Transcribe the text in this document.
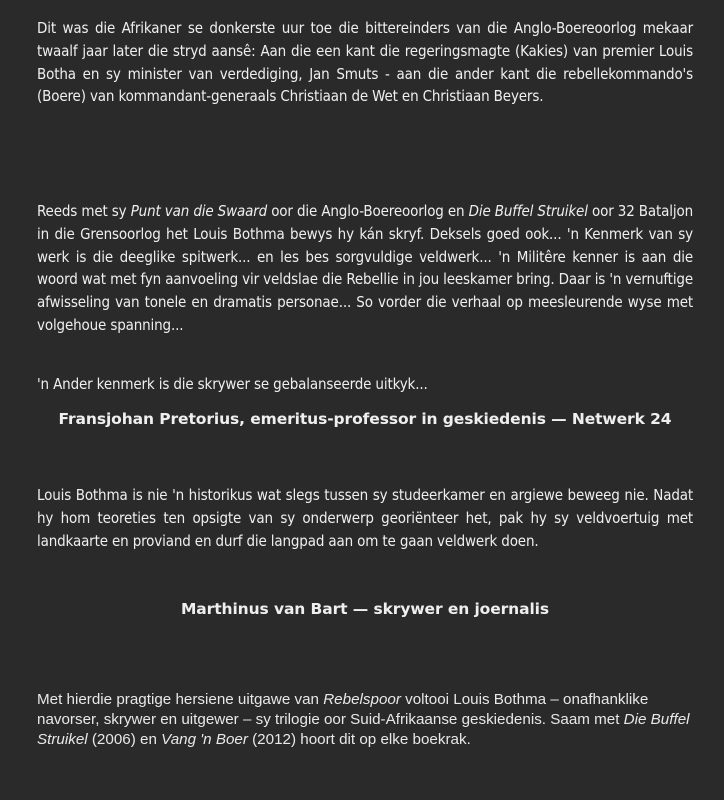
Dit was die Afrikaner se donkerste uur toe die bittereinders van die Anglo-Boereoorlog mekaar twaalf jaar later die stryd aansê: Aan die een kant die regeringsmagte (Kakies) van premier Louis Botha en sy minister van verdediging, Jan Smuts - aan die ander kant die rebellekommando's (Boere) van kommandant-generaals Christiaan de Wet en Christiaan Beyers.

Reeds met sy Punt van die Swaard oor die Anglo-Boereoorlog en Die Buffel Struikel oor 32 Bataljon in die Grensoorlog het Louis Bothma bewys hy kán skryf. Deksels goed ook... 'n Kenmerk van sy werk is die deeglike spitwerk... en les bes sorgvuldige veldwerk... 'n Militêre kenner is aan die woord wat met fyn aanvoeling vir veldslae die Rebellie in jou leeskamer bring. Daar is 'n vernuftige afwisseling van tonele en dramatis personae... So vorder die verhaal op meesleurende wyse met volgehoue spanning...

'n Ander kenmerk is die skrywer se gebalanseerde uitkyk...

Fransjohan Pretorius, emeritus-professor in geskiedenis — Netwerk 24

Louis Bothma is nie 'n historikus wat slegs tussen sy studeerkamer en argiewe beweeg nie. Nadat hy hom teoreties ten opsigte van sy onderwerp georiënteer het, pak hy sy veldvoertuig met landkaarte en proviand en durf die langpad aan om te gaan veldwerk doen.

Marthinus van Bart — skrywer en joernalis

Met hierdie pragtige hersiene uitgawe van Rebelspoor voltooi Louis Bothma – onafhanklike navorser, skrywer en uitgewer – sy trilogie oor Suid-Afrikaanse geskiedenis. Saam met Die Buffel Struikel (2006) en Vang 'n Boer (2012) hoort dit op elke boekrak.
